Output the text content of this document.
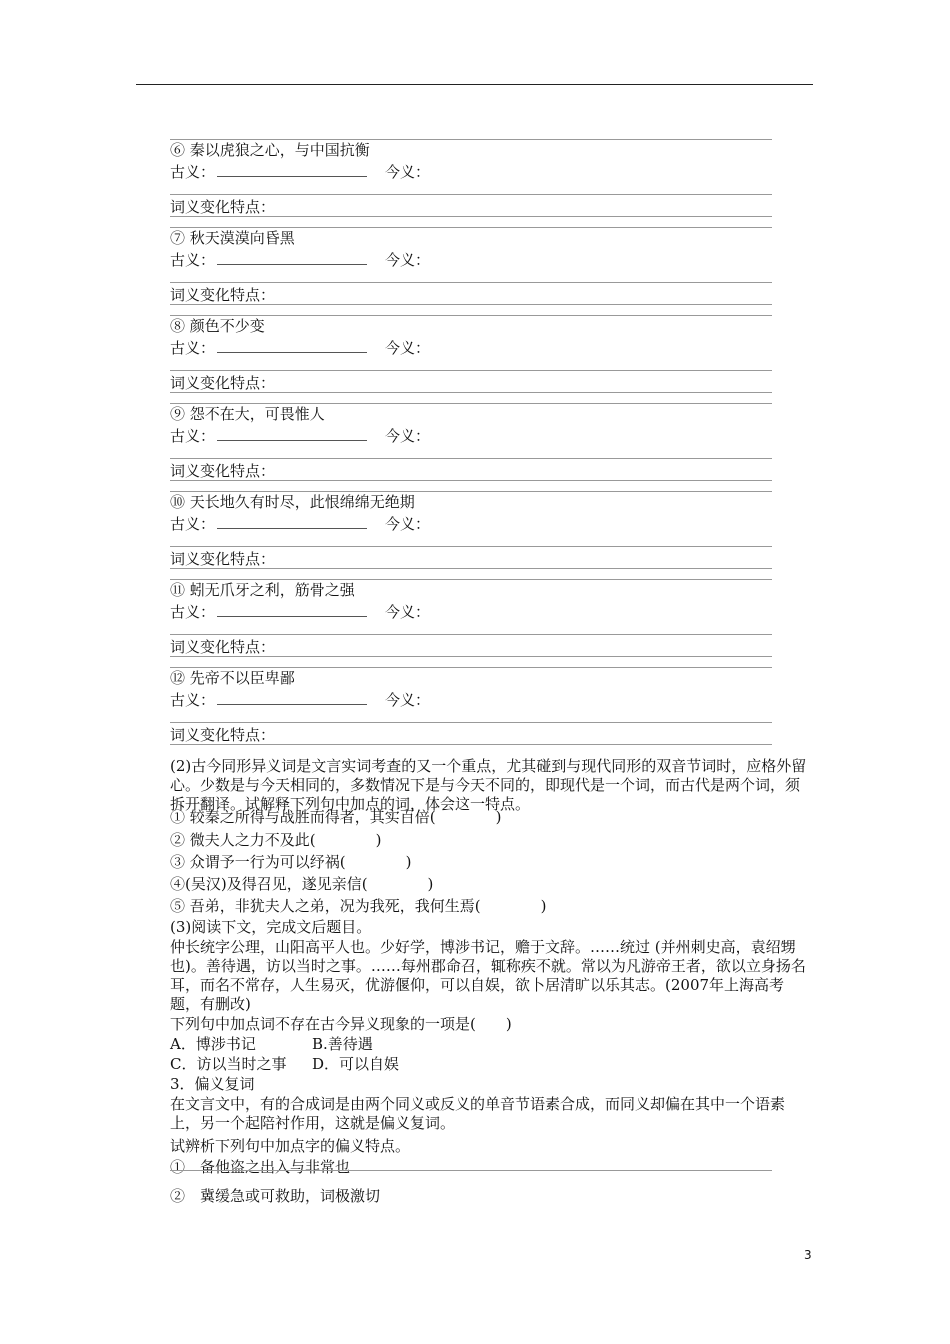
⑥ 秦以虎狼之心，与中国抗衡
古义：	今义：
词义变化特点：
⑦ 秋天漠漠向昏黑
古义：	今义：
词义变化特点：
⑧ 颜色不少变
古义：	今义：
词义变化特点：
⑨ 怨不在大，可畏惟人
古义：	今义：
词义变化特点：
⑩ 天长地久有时尽，此恨绵绵无绝期
古义：	今义：
词义变化特点：
⑪ 蚓无爪牙之利，筋骨之强
古义：	今义：
词义变化特点：
⑫ 先帝不以臣卑鄙
古义：	今义：
词义变化特点：
(2)古今同形异义词是文言实词考查的又一个重点，尤其碰到与现代同形的双音节词时，应格外留心。少数是与今天相同的，多数情况下是与今天不同的，即现代是一个词，而古代是两个词，须拆开翻译。试解释下列句中加点的词，体会这一特点。
① 较秦之所得与战胜而得者，其实百倍(　　　　)
② 微夫人之力不及此(　　　　)
③ 众谓予一行为可以纾祸(　　　　)
④(吴汉)及得召见，遂见亲信(　　　　)
⑤ 吾弟，非犹夫人之弟，况为我死，我何生焉(　　　　)
(3)阅读下文，完成文后题目。
仲长统字公理，山阳高平人也。少好学，博涉书记，赡于文辞。……统过 (并州刺史高，袁绍甥也)。善待遇，访以当时之事。……每州郡命召，辄称疾不就。常以为凡游帝王者，欲以立身扬名耳，而名不常存，人生易灭，优游偃仰，可以自娱，欲卜居清旷以乐其志。(2007年上海高考题，有删改)
下列句中加点词不存在古今异义现象的一项是(　　)
A．博涉书记	B.善待遇
C．访以当时之事 D．可以自娱
3．偏义复词
在文言文中，有的合成词是由两个同义或反义的单音节语素合成，而同义却偏在其中一个语素上，另一个起陪衬作用，这就是偏义复词。
试辨析下列句中加点字的偏义特点。
①　备他盗之出入与非常也
②　冀缓急或可救助，词极激切
3
